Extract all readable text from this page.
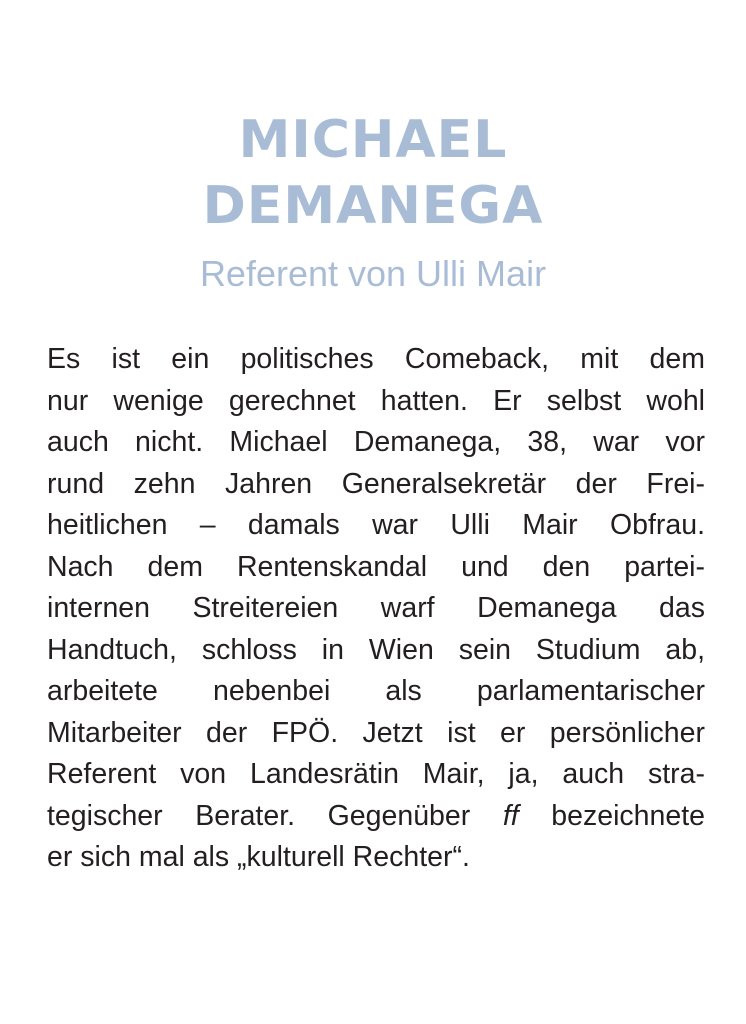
MICHAEL
DEMANEGA
Referent von Ulli Mair
Es ist ein politisches Comeback, mit dem
nur wenige gerechnet hatten. Er selbst wohl
auch nicht. Michael Demanega, 38, war vor
rund zehn Jahren Generalsekretär der Frei-
heitlichen – damals war Ulli Mair Obfrau.
Nach dem Rentenskandal und den partei-
internen Streitereien warf Demanega das
Handtuch, schloss in Wien sein Studium ab,
arbeitete nebenbei als parlamentarischer
Mitarbeiter der FPÖ. Jetzt ist er persönlicher
Referent von Landesrätin Mair, ja, auch stra-
tegischer Berater. Gegenüber ff bezeichnete
er sich mal als „kulturell Rechter“.
